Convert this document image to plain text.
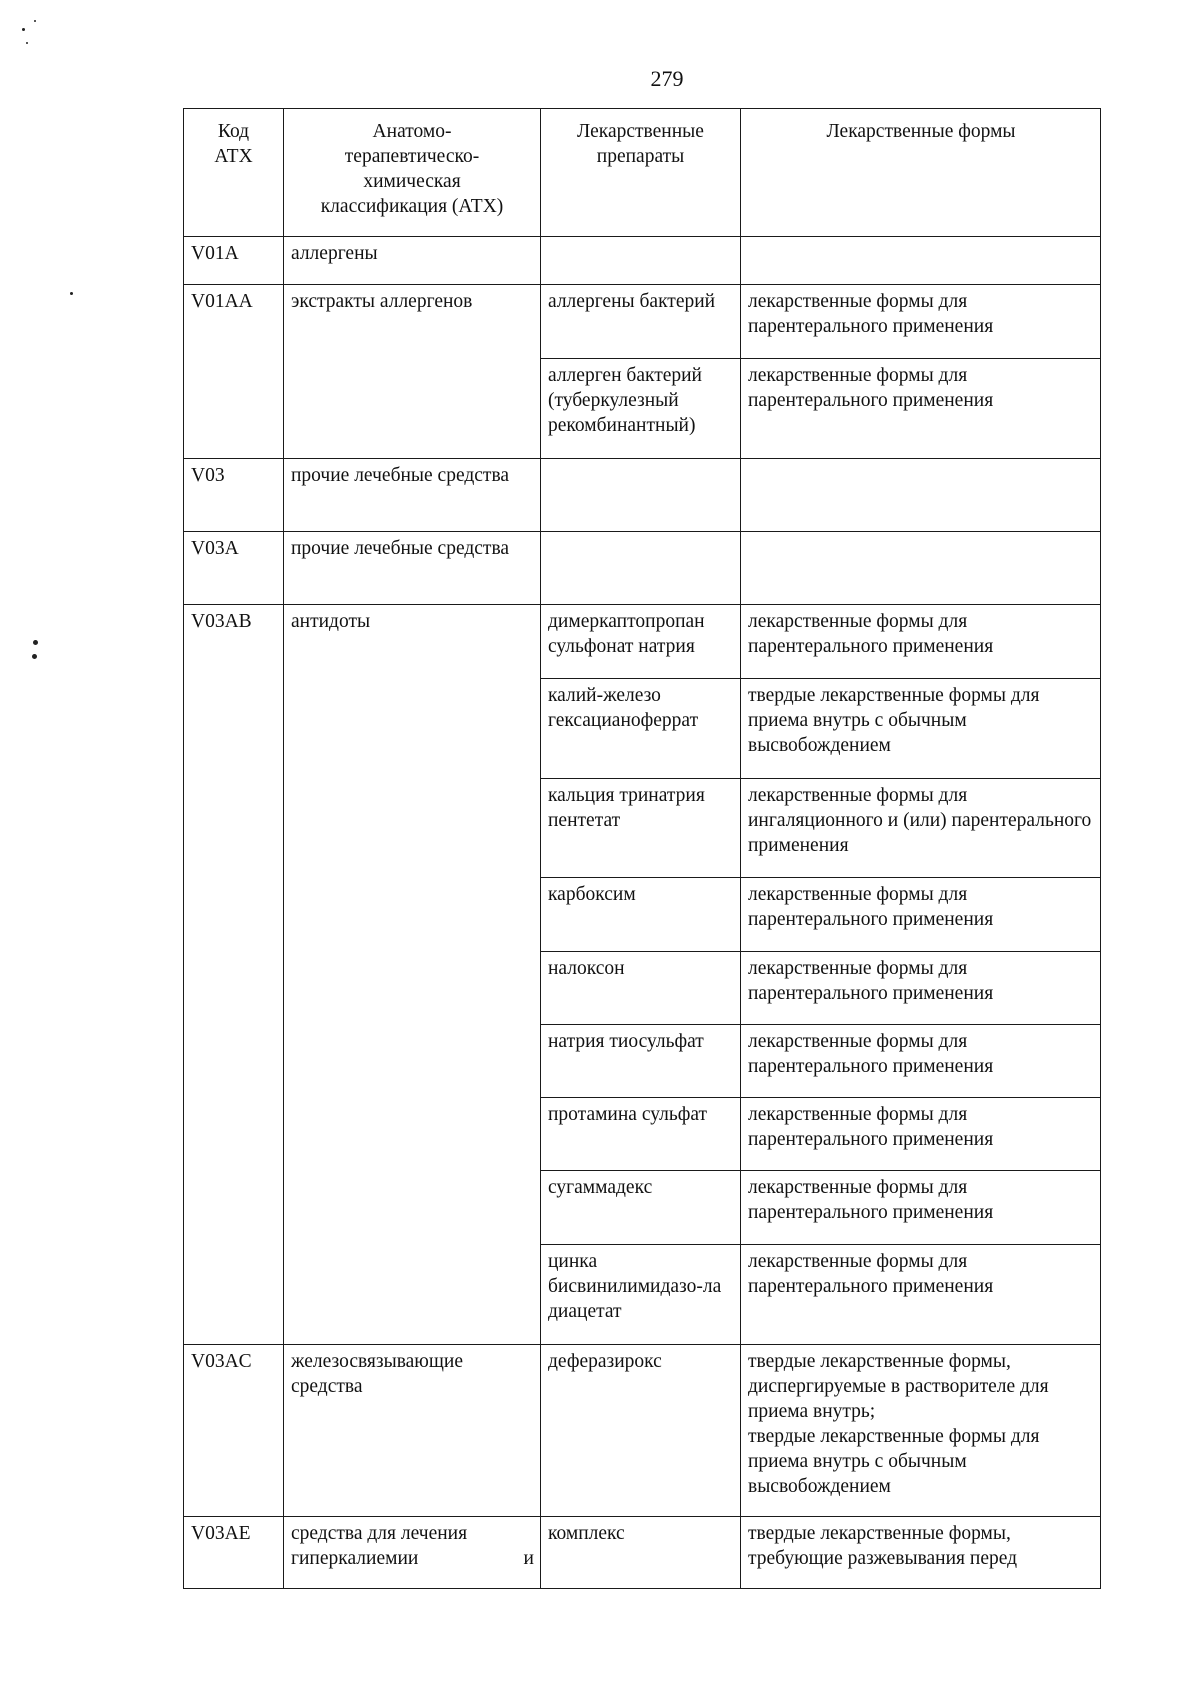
279
Код АТХ	Анатомо-терапевтическо-химическая классификация (АТХ)	Лекарственные препараты	Лекарственные формы
V01A	аллергены		
V01AA	экстракты аллергенов	аллергены бактерий	лекарственные формы для парентерального применения
		аллерген бактерий (туберкулезный рекомбинантный)	лекарственные формы для парентерального применения
V03	прочие лечебные средства		
V03A	прочие лечебные средства		
V03AB	антидоты	димеркаптопропан сульфонат натрия	лекарственные формы для парентерального применения
		калий-железо гексацианоферрат	твердые лекарственные формы для приема внутрь с обычным высвобождением
		кальция тринатрия пентетат	лекарственные формы для ингаляционного и (или) парентерального применения
		карбоксим	лекарственные формы для парентерального применения
		налоксон	лекарственные формы для парентерального применения
		натрия тиосульфат	лекарственные формы для парентерального применения
		протамина сульфат	лекарственные формы для парентерального применения
		сугаммадекс	лекарственные формы для парентерального применения
		цинка бисвинилимидазо-ла диацетат	лекарственные формы для парентерального применения
V03AC	железосвязывающие средства	деферазирокс	твердые лекарственные формы, диспергируемые в растворителе для приема внутрь;
твердые лекарственные формы для приема внутрь с обычным высвобождением
V03AE	средства для лечения гиперкалиемии и	комплекс	твердые лекарственные формы, требующие разжевывания перед
